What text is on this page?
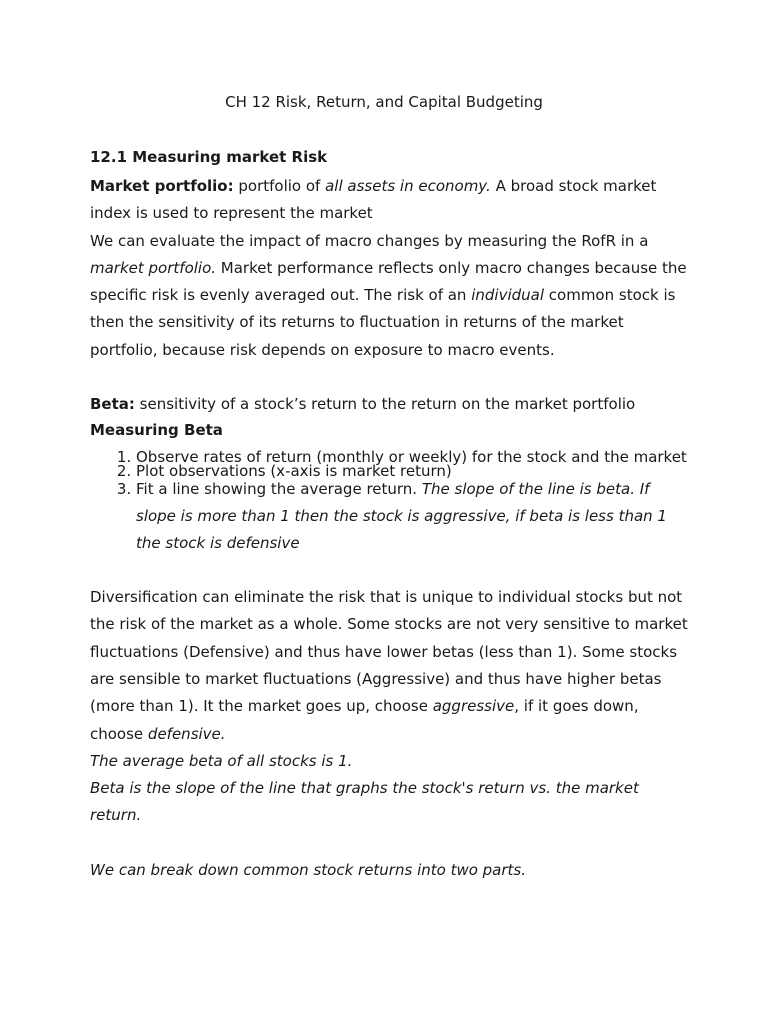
CH 12 Risk, Return, and Capital Budgeting
12.1 Measuring market Risk

Market portfolio: portfolio of all assets in economy. A broad stock market index is used to represent the market

We can evaluate the impact of macro changes by measuring the RofR in a market portfolio. Market performance reflects only macro changes because the specific risk is evenly averaged out. The risk of an individual common stock is then the sensitivity of its returns to fluctuation in returns of the market portfolio, because risk depends on exposure to macro events.

Beta: sensitivity of a stock’s return to the return on the market portfolio

Measuring Beta
1. Observe rates of return (monthly or weekly) for the stock and the market
2. Plot observations (x-axis is market return)
3. Fit a line showing the average return. The slope of the line is beta. If slope is more than 1 then the stock is aggressive, if beta is less than 1 the stock is defensive

Diversification can eliminate the risk that is unique to individual stocks but not the risk of the market as a whole. Some stocks are not very sensitive to market fluctuations (Defensive) and thus have lower betas (less than 1). Some stocks are sensible to market fluctuations (Aggressive) and thus have higher betas (more than 1). It the market goes up, choose aggressive, if it goes down, choose defensive.

The average beta of all stocks is 1.

Beta is the slope of the line that graphs the stock's return vs. the market return.

We can break down common stock returns into two parts.
